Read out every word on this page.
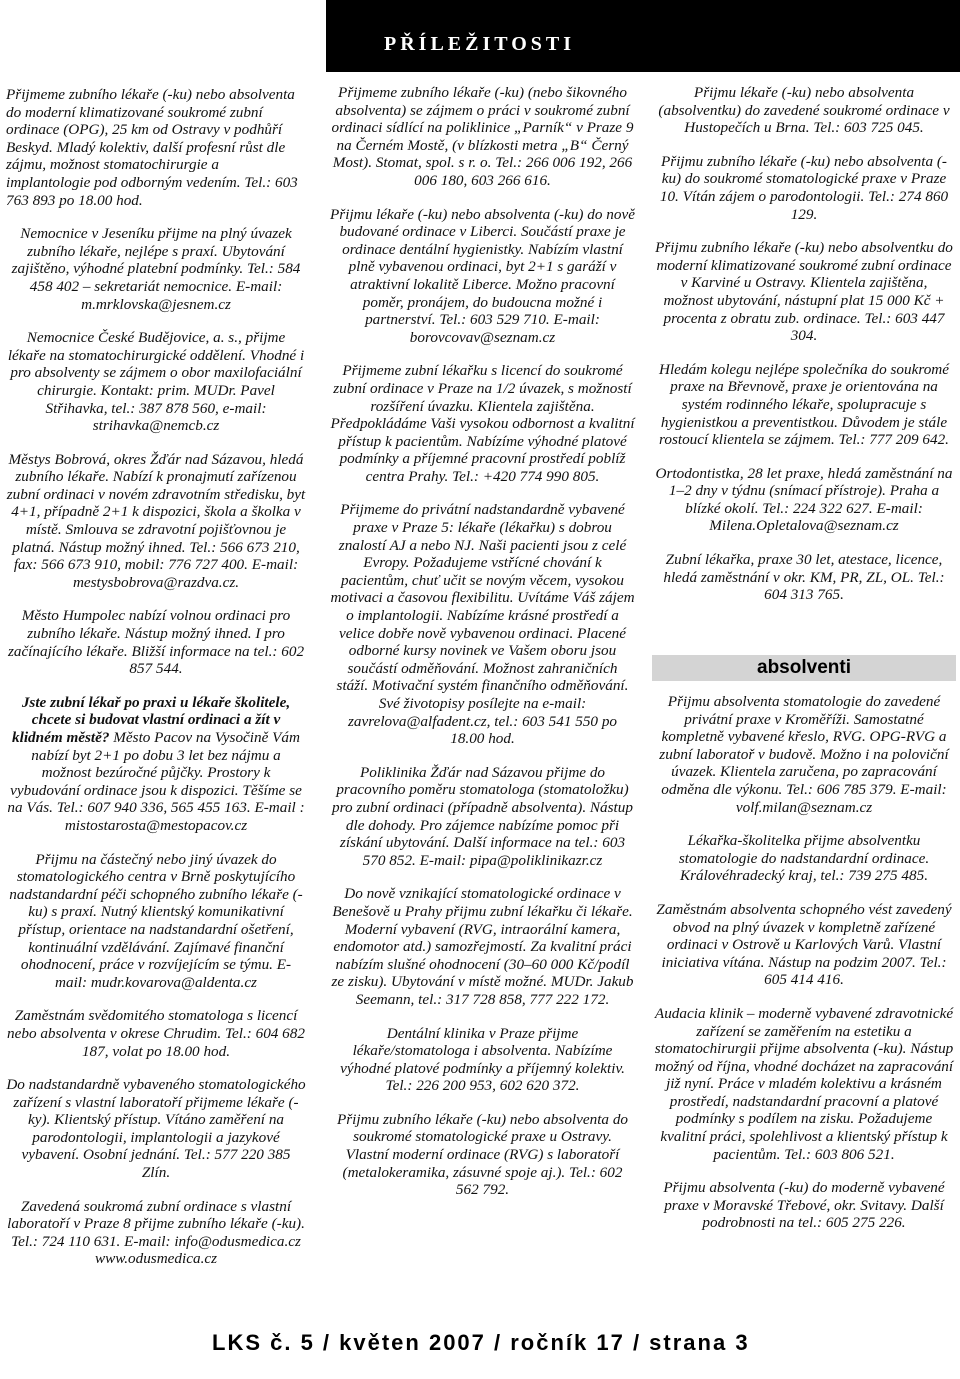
PŘÍLEŽITOSTI

Přijmeme zubního lékaře (-ku) nebo absolventa do moderní klimatizované soukromé zubní ordinace (OPG), 25 km od Ostravy v podhůří Beskyd. Mladý kolektiv, další profesní růst dle zájmu, možnost stomatochirurgie a implantologie pod odborným vedením. Tel.: 603 763 893 po 18.00 hod.

Nemocnice v Jeseníku přijme na plný úvazek zubního lékaře, nejlépe s praxí. Ubytování zajištěno, výhodné platební podmínky. Tel.: 584 458 402 – sekretariát nemocnice. E-mail: m.mrklovska@jesnem.cz

Nemocnice České Budějovice, a. s., přijme lékaře na stomatochirurgické oddělení. Vhodné i pro absolventy se zájmem o obor maxilofaciální chirurgie. Kontakt: prim. MUDr. Pavel Střihavka, tel.: 387 878 560, e-mail: strihavka@nemcb.cz

Městys Bobrová, okres Žďár nad Sázavou, hledá zubního lékaře. Nabízí k pronajmutí zařízenou zubní ordinaci v novém zdravotním středisku, byt 4+1, případně 2+1 k dispozici, škola a školka v místě. Smlouva se zdravotní pojišťovnou je platná. Nástup možný ihned. Tel.: 566 673 210, fax: 566 673 910, mobil: 776 727 400. E-mail: mestysbobrova@razdva.cz.

Město Humpolec nabízí volnou ordinaci pro zubního lékaře. Nástup možný ihned. I pro začínajícího lékaře. Bližší informace na tel.: 602 857 544.

Jste zubní lékař po praxi u lékaře školitele, chcete si budovat vlastní ordinaci a žít v klidném městě? Město Pacov na Vysočině Vám nabízí byt 2+1 po dobu 3 let bez nájmu a možnost bezúročné půjčky. Prostory k vybudování ordinace jsou k dispozici. Těšíme se na Vás. Tel.: 607 940 336, 565 455 163. E-mail : mistostarosta@mestopacov.cz

Přijmu na částečný nebo jiný úvazek do stomatologického centra v Brně poskytujícího nadstandardní péči schopného zubního lékaře (-ku) s praxí. Nutný klientský komunikativní přístup, orientace na nadstandardní ošetření, kontinuální vzdělávání. Zajímavé finanční ohodnocení, práce v rozvíjejícím se týmu. E-mail: mudr.kovarova@aldenta.cz

Zaměstnám svědomitého stomatologa s licencí nebo absolventa v okrese Chrudim. Tel.: 604 682 187, volat po 18.00 hod.

Do nadstandardně vybaveného stomatologického zařízení s vlastní laboratoří přijmeme lékaře (-ky). Klientský přístup. Vítáno zaměření na parodontologii, implantologii a jazykové vybavení. Osobní jednání. Tel.: 577 220 385 Zlín.

Zavedená soukromá zubní ordinace s vlastní laboratoří v Praze 8 přijme zubního lékaře (-ku). Tel.: 724 110 631. E-mail: info@odusmedica.cz www.odusmedica.cz

Přijmeme zubního lékaře (-ku) (nebo šikovného absolventa) se zájmem o práci v soukromé zubní ordinaci sídlící na poliklinice „Parník“ v Praze 9 na Černém Mostě, (v blízkosti metra „B“ Černý Most). Stomat, spol. s r. o. Tel.: 266 006 192, 266 006 180, 603 266 616.

Přijmu lékaře (-ku) nebo absolventa (-ku) do nově budované ordinace v Liberci. Součástí praxe je ordinace dentální hygienistky. Nabízím vlastní plně vybavenou ordinaci, byt 2+1 s garáží v atraktivní lokalitě Liberce. Možno pracovní poměr, pronájem, do budoucna možné i partnerství. Tel.: 603 529 710. E-mail: borovcovav@seznam.cz

Přijmeme zubní lékařku s licencí do soukromé zubní ordinace v Praze na 1/2 úvazek, s možností rozšíření úvazku. Klientela zajištěna. Předpokládáme Vaši vysokou odbornost a kvalitní přístup k pacientům. Nabízíme výhodné platové podmínky a příjemné pracovní prostředí poblíž centra Prahy. Tel.: +420 774 990 805.

Přijmeme do privátní nadstandardně vybavené praxe v Praze 5: lékaře (lékařku) s dobrou znalostí AJ a nebo NJ. Naši pacienti jsou z celé Evropy. Požadujeme vstřícné chování k pacientům, chuť učit se novým věcem, vysokou motivaci a časovou flexibilitu. Uvítáme Váš zájem o implantologii. Nabízíme krásné prostředí a velice dobře nově vybavenou ordinaci. Placené odborné kursy novinek ve Vašem oboru jsou součástí odměňování. Možnost zahraničních stáží. Motivační systém finančního odměňování. Své životopisy posílejte na e-mail: zavrelova@alfadent.cz, tel.: 603 541 550 po 18.00 hod.

Poliklinika Žďár nad Sázavou přijme do pracovního poměru stomatologa (stomatoložku) pro zubní ordinaci (případně absolventa). Nástup dle dohody. Pro zájemce nabízíme pomoc při získání ubytování. Další informace na tel.: 603 570 852. E-mail: pipa@poliklinikazr.cz

Do nově vznikající stomatologické ordinace v Benešově u Prahy přijmu zubní lékařku či lékaře. Moderní vybavení (RVG, intraorální kamera, endomotor atd.) samozřejmostí. Za kvalitní práci nabízím slušné ohodnocení (30–60 000 Kč/podíl ze zisku). Ubytování v místě možné. MUDr. Jakub Seemann, tel.: 317 728 858, 777 222 172.

Dentální klinika v Praze přijme lékaře/stomatologa i absolventa. Nabízíme výhodné platové podmínky a příjemný kolektiv. Tel.: 226 200 953, 602 620 372.

Přijmu zubního lékaře (-ku) nebo absolventa do soukromé stomatologické praxe u Ostravy. Vlastní moderní ordinace (RVG) s laboratoří (metalokeramika, zásuvné spoje aj.). Tel.: 602 562 792.

Přijmu lékaře (-ku) nebo absolventa (absolventku) do zavedené soukromé ordinace v Hustopečích u Brna. Tel.: 603 725 045.

Přijmu zubního lékaře (-ku) nebo absolventa (-ku) do soukromé stomatologické praxe v Praze 10. Vítán zájem o parodontologii. Tel.: 274 860 129.

Přijmu zubního lékaře (-ku) nebo absolventku do moderní klimatizované soukromé zubní ordinace v Karviné u Ostravy. Klientela zajištěna, možnost ubytování, nástupní plat 15 000 Kč + procenta z obratu zub. ordinace. Tel.: 603 447 304.

Hledám kolegu nejlépe společníka do soukromé praxe na Břevnově, praxe je orientována na systém rodinného lékaře, spolupracuje s hygienistkou a preventistkou. Důvodem je stále rostoucí klientela se zájmem. Tel.: 777 209 642.

Ortodontistka, 28 let praxe, hledá zaměstnání na 1–2 dny v týdnu (snímací přístroje). Praha a blízké okolí. Tel.: 224 322 627. E-mail: Milena.Opletalova@seznam.cz

Zubní lékařka, praxe 30 let, atestace, licence, hledá zaměstnání v okr. KM, PR, ZL, OL. Tel.: 604 313 765.

absolventi

Přijmu absolventa stomatologie do zavedené privátní praxe v Kroměříži. Samostatné kompletně vybavené křeslo, RVG. OPG-RVG a zubní laboratoř v budově. Možno i na poloviční úvazek. Klientela zaručena, po zapracování odměna dle výkonu. Tel.: 606 785 379. E-mail: volf.milan@seznam.cz

Lékařka-školitelka přijme absolventku stomatologie do nadstandardní ordinace. Královéhradecký kraj, tel.: 739 275 485.

Zaměstnám absolventa schopného vést zavedený obvod na plný úvazek v kompletně zařízené ordinaci v Ostrově u Karlových Varů. Vlastní iniciativa vítána. Nástup na podzim 2007. Tel.: 605 414 416.

Audacia klinik – moderně vybavené zdravotnické zařízení se zaměřením na estetiku a stomatochirurgii přijme absolventa (-ku). Nástup možný od října, vhodné docházet na zapracování již nyní. Práce v mladém kolektivu a krásném prostředí, nadstandardní pracovní a platové podmínky s podílem na zisku. Požadujeme kvalitní práci, spolehlivost a klientský přístup k pacientům. Tel.: 603 806 521.

Přijmu absolventa (-ku) do moderně vybavené praxe v Moravské Třebové, okr. Svitavy. Další podrobnosti na tel.: 605 275 226.

LKS č. 5 / květen 2007 / ročník 17 / strana 3
